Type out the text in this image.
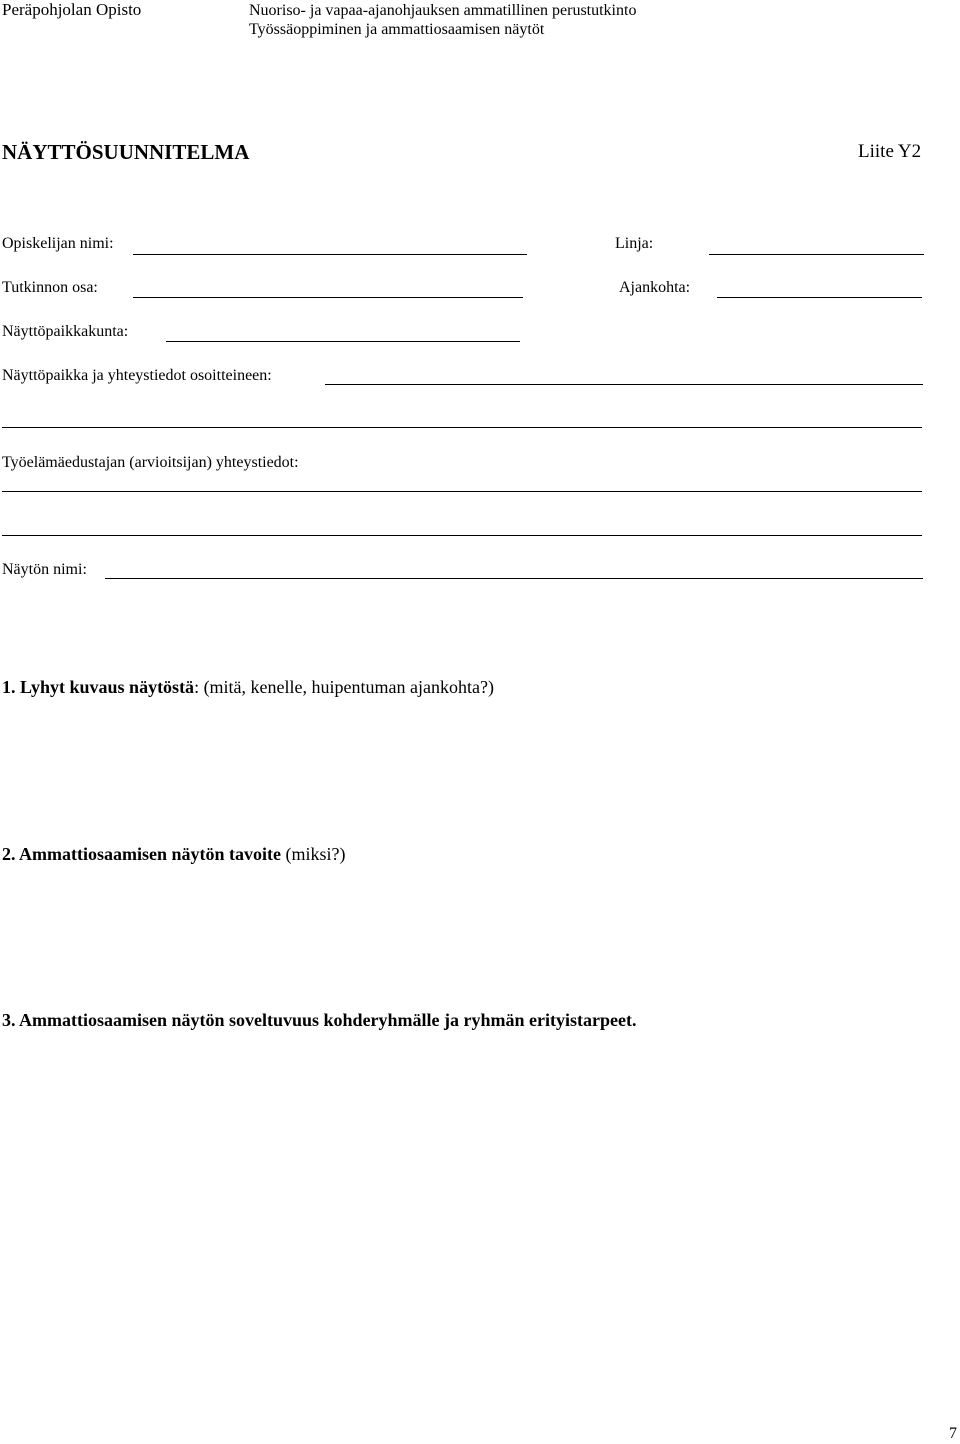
Peräpohjolan Opisto	Nuoriso- ja vapaa-ajanohjauksen ammatillinen perustutkinto
Työssäoppiminen ja ammattiosaamisen näytöt
NÄYTTÖSUUNNITELMA	Liite Y2
Opiskelijan nimi:	Linja:
Tutkinnon osa:	Ajankohta:
Näyttöpaikkakunta:
Näyttöpaikka ja yhteystiedot osoitteineen:
Työelämäedustajan (arvioitsijan) yhteystiedot:
Näytön nimi:
1. Lyhyt kuvaus näytöstä: (mitä, kenelle, huipentuman ajankohta?)
2. Ammattiosaamisen näytön tavoite (miksi?)
3. Ammattiosaamisen näytön soveltuvuus kohderyhmälle ja ryhmän erityistarpeet.
7
